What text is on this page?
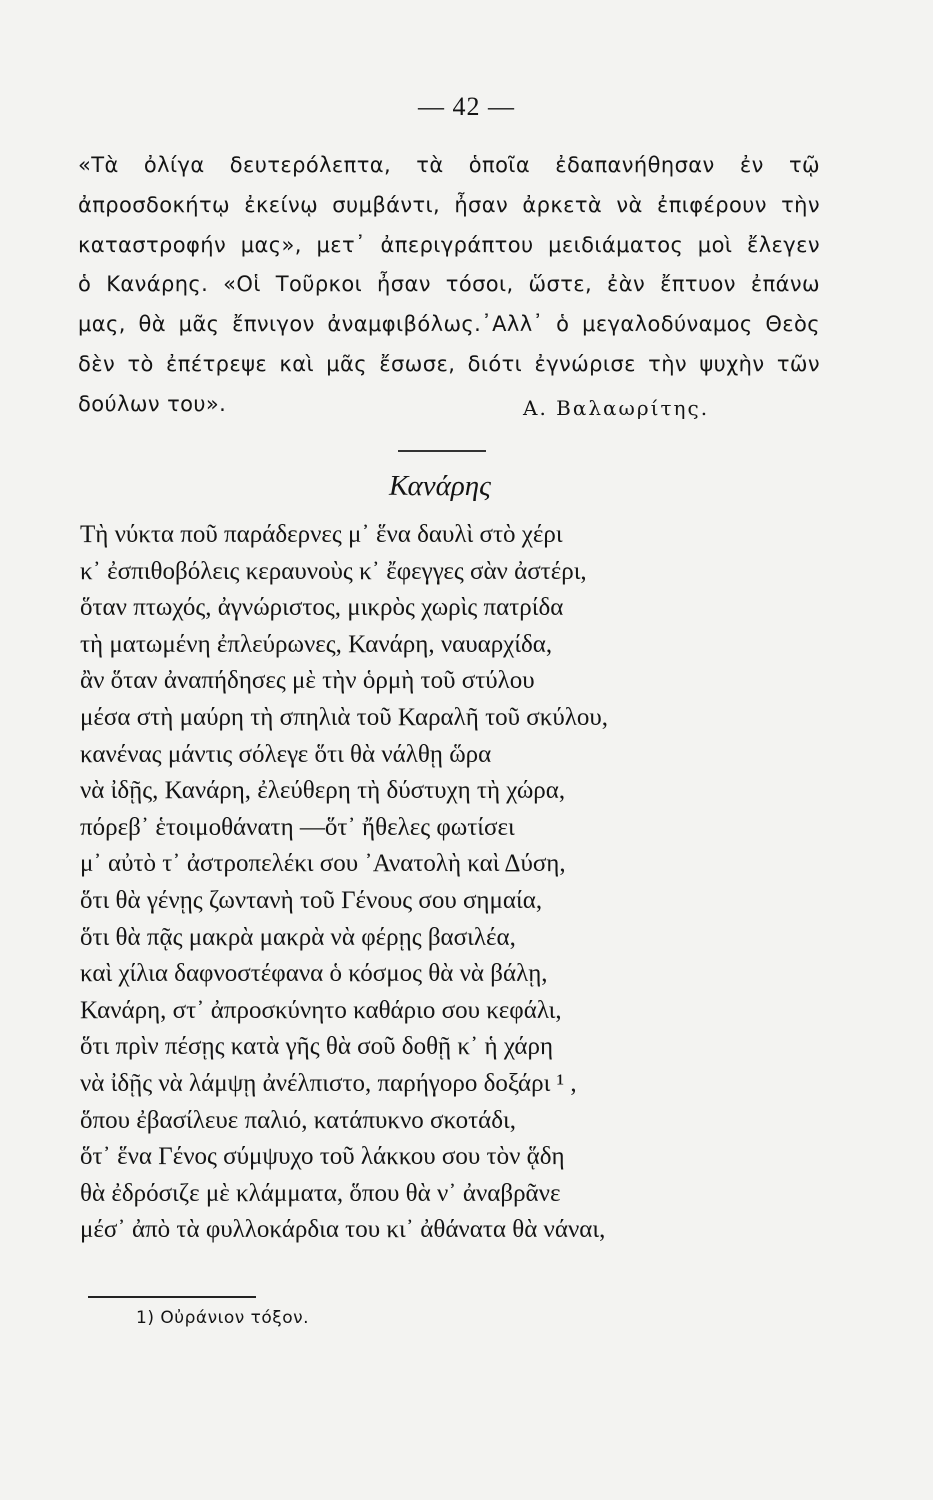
— 42 —
«Τὰ ὀλίγα δευτερόλεπτα, τὰ ὁποῖα ἐδαπανήθησαν ἐν τῷ
ἀπροσδοκήτῳ ἐκείνῳ συμβάντι, ἦσαν ἀρκετὰ νὰ ἐπιφέρουν τὴν
καταστροφήν μας», μετ᾽ ἀπεριγράπτου μειδιάματος μοὶ ἔλεγεν
ὁ Κανάρης. «Οἱ Τοῦρκοι ἦσαν τόσοι, ὥστε, ἐὰν ἔπτυον ἐπάνω
μας, θὰ μᾶς ἔπνιγον ἀναμφιβόλως.᾽Αλλ᾽ ὁ μεγαλοδύναμος Θεὸς
δὲν τὸ ἐπέτρεψε καὶ μᾶς ἔσωσε, διότι ἐγνώρισε τὴν ψυχὴν τῶν
δούλων του».	Α. Βαλαωρίτης.
Κανάρης
Τὴ νύκτα ποῦ παράδερνες μ᾽ ἕνα δαυλὶ στὸ χέρι
κ᾽ ἐσπιθοβόλεις κεραυνοὺς κ᾽ ἔφεγγες σὰν ἀστέρι,
ὅταν πτωχός, ἀγνώριστος, μικρὸς χωρὶς πατρίδα
τὴ ματωμένη ἐπλεύρωνες, Κανάρη, ναυαρχίδα,
ἂν ὅταν ἀναπήδησες μὲ τὴν ὁρμὴ τοῦ στύλου
μέσα στὴ μαύρη τὴ σπηλιὰ τοῦ Καραλῆ τοῦ σκύλου,
κανένας μάντις σόλεγε ὅτι θὰ νάλθῃ ὥρα
νὰ ἰδῇς, Κανάρη, ἐλεύθερη τὴ δύστυχη τὴ χώρα,
πόρεβ᾽ ἑτοιμοθάνατη —ὅτ᾽ ἤθελες φωτίσει
μ᾽ αὐτὸ τ᾽ ἀστροπελέκι σου ᾽Ανατολὴ καὶ Δύση,
ὅτι θὰ γένῃς ζωντανὴ τοῦ Γένους σου σημαία,
ὅτι θὰ πᾷς μακρὰ μακρὰ νὰ φέρῃς βασιλέα,
καὶ χίλια δαφνοστέφανα ὁ κόσμος θὰ νὰ βάλῃ,
Κανάρη, στ᾽ ἀπροσκύνητο καθάριο σου κεφάλι,
ὅτι πρὶν πέσῃς κατὰ γῆς θὰ σοῦ δοθῇ κ᾽ ἡ χάρη
νὰ ἰδῇς νὰ λάμψῃ ἀνέλπιστο, παρήγορο δοξάρι ¹ ,
ὅπου ἐβασίλευε παλιό, κατάπυκνο σκοτάδι,
ὅτ᾽ ἕνα Γένος σύμψυχο τοῦ λάκκου σου τὸν ᾅδη
θὰ ἐδρόσιζε μὲ κλάμματα, ὅπου θὰ ν᾽ ἀναβρᾶνε
μέσ᾽ ἀπὸ τὰ φυλλοκάρδια του κι᾽ ἀθάνατα θὰ νάναι,
1) Οὐράνιον τόξον.
